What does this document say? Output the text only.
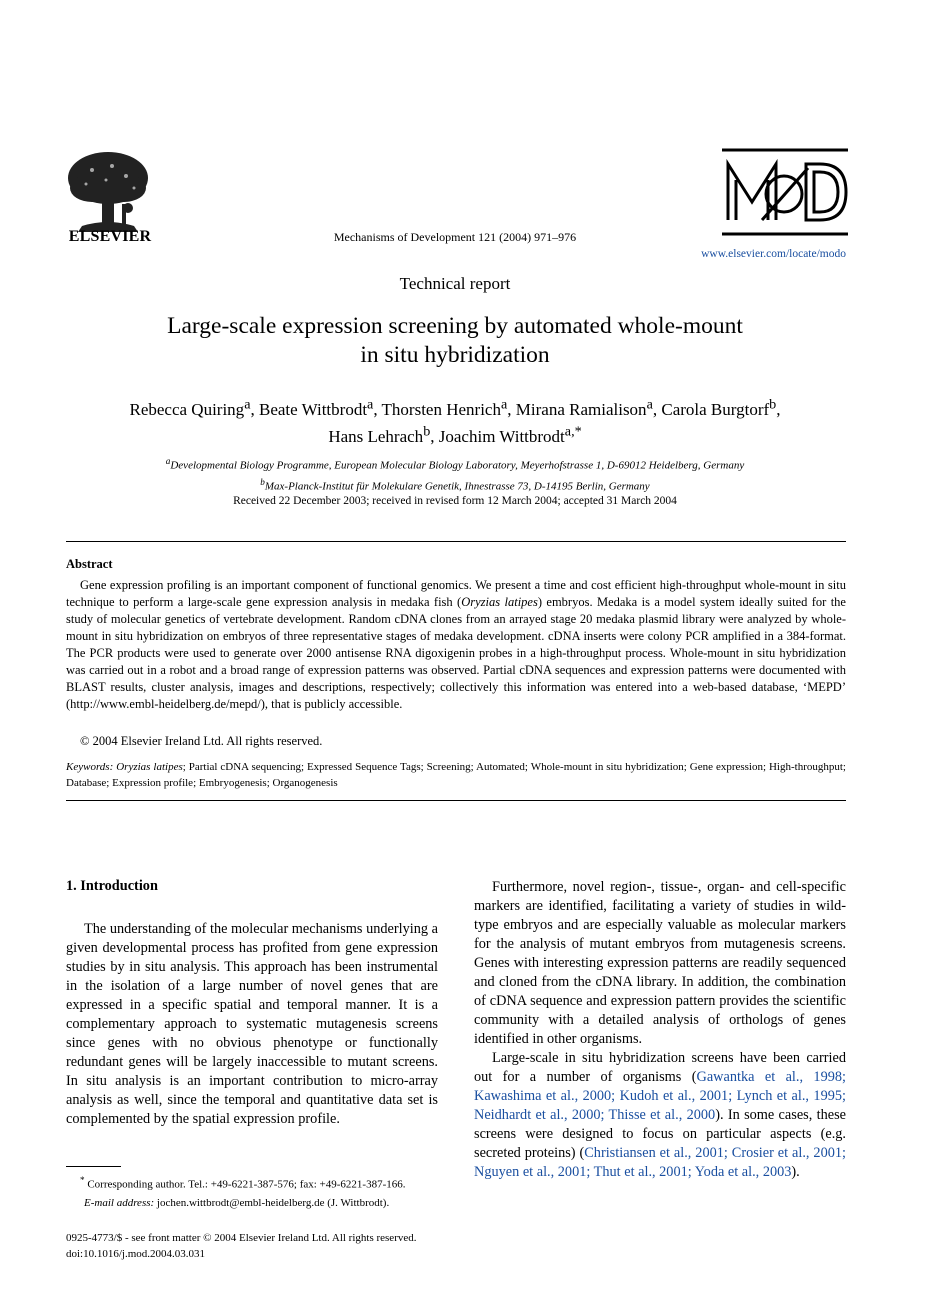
ELSEVIER	Mechanisms of Development 121 (2004) 971–976
www.elsevier.com/locate/modo
Technical report
Large-scale expression screening by automated whole-mount
in situ hybridization
Rebecca Quiring$^a$, Beate Wittbrodt$^a$, Thorsten Henrich$^a$, Mirana Ramialison$^a$, Carola Burgtorf$^b$,
Hans Lehrach$^b$, Joachim Wittbrodt$^{a,*}$
$^a$Developmental Biology Programme, European Molecular Biology Laboratory, Meyerhofstrasse 1, D-69012 Heidelberg, Germany
$^b$Max-Planck-Institut für Molekulare Genetik, Ihnestrasse 73, D-14195 Berlin, Germany
Received 22 December 2003; received in revised form 12 March 2004; accepted 31 March 2004
Abstract

Gene expression profiling is an important component of functional genomics. We present a time and cost efficient high-throughput whole-mount in situ technique to perform a large-scale gene expression analysis in medaka fish (Oryzias latipes) embryos. Medaka is a model system ideally suited for the study of molecular genetics of vertebrate development. Random cDNA clones from an arrayed stage 20 medaka plasmid library were analyzed by whole-mount in situ hybridization on embryos of three representative stages of medaka development. cDNA inserts were colony PCR amplified in a 384-format. The PCR products were used to generate over 2000 antisense RNA digoxigenin probes in a high-throughput process. Whole-mount in situ hybridization was carried out in a robot and a broad range of expression patterns was observed. Partial cDNA sequences and expression patterns were documented with BLAST results, cluster analysis, images and descriptions, respectively; collectively this information was entered into a web-based database, ‘MEPD’ (http://www.embl-heidelberg.de/mepd/), that is publicly accessible.

© 2004 Elsevier Ireland Ltd. All rights reserved.
Keywords: Oryzias latipes; Partial cDNA sequencing; Expressed Sequence Tags; Screening; Automated; Whole-mount in situ hybridization; Gene expression; High-throughput; Database; Expression profile; Embryogenesis; Organogenesis
1. Introduction

The understanding of the molecular mechanisms underlying a given developmental process has profited from gene expression studies by in situ analysis. This approach has been instrumental in the isolation of a large number of novel genes that are expressed in a specific spatial and temporal manner. It is a complementary approach to systematic mutagenesis screens since genes with no obvious phenotype or functionally redundant genes will be largely inaccessible to mutant screens. In situ analysis is an important contribution to micro-array analysis as well, since the temporal and quantitative data set is complemented by the spatial expression profile.

* Corresponding author. Tel.: +49-6221-387-576; fax: +49-6221-387-166.

E-mail address: jochen.wittbrodt@embl-heidelberg.de (J. Wittbrodt).

0925-4773/$ - see front matter © 2004 Elsevier Ireland Ltd. All rights reserved.
doi:10.1016/j.mod.2004.03.031

Furthermore, novel region-, tissue-, organ- and cell-specific markers are identified, facilitating a variety of studies in wild-type embryos and are especially valuable as molecular markers for the analysis of mutant embryos from mutagenesis screens. Genes with interesting expression patterns are readily sequenced and cloned from the cDNA library. In addition, the combination of cDNA sequence and expression pattern provides the scientific community with a detailed analysis of orthologs of genes identified in other organisms.

Large-scale in situ hybridization screens have been carried out for a number of organisms (Gawantka et al., 1998; Kawashima et al., 2000; Kudoh et al., 2001; Lynch et al., 1995; Neidhardt et al., 2000; Thisse et al., 2000). In some cases, these screens were designed to focus on particular aspects (e.g. secreted proteins) (Christiansen et al., 2001; Crosier et al., 2001; Nguyen et al., 2001; Thut et al., 2001; Yoda et al., 2003).
